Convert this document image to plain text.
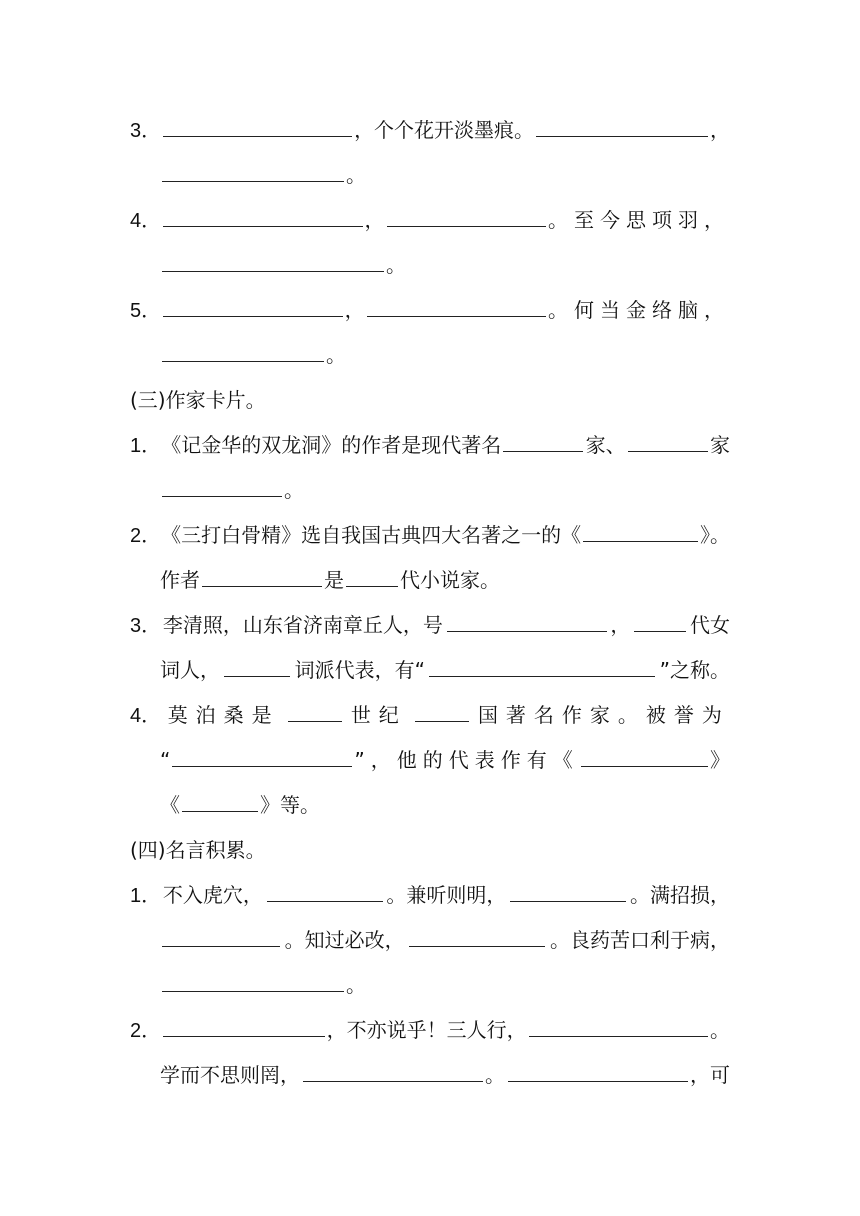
3．	，个个花开淡墨痕。	，
。
4．	，	。至今思项羽，
。
5．	，	。何当金络脑，
。
(三)作家卡片。
1． 《记金华的双龙洞》的作者是现代著名	家、	家
。
2． 《三打白骨精》选自我国古典四大名著之一的《	》。
作者	是	代小说家。
3． 李清照，山东省济南章丘人，号	，	代女
词人，	词派代表，有“	”之称。
4． 莫泊桑是	世纪	国著名作家。被誉为
“	”，他的代表作有《	》
《	》等。
(四)名言积累。
1． 不入虎穴，	。兼听则明，	。满招损，
。知过必改，	。良药苦口利于病，
。
2．	，不亦说乎！三人行，	。
学而不思则罔，	。	，可
